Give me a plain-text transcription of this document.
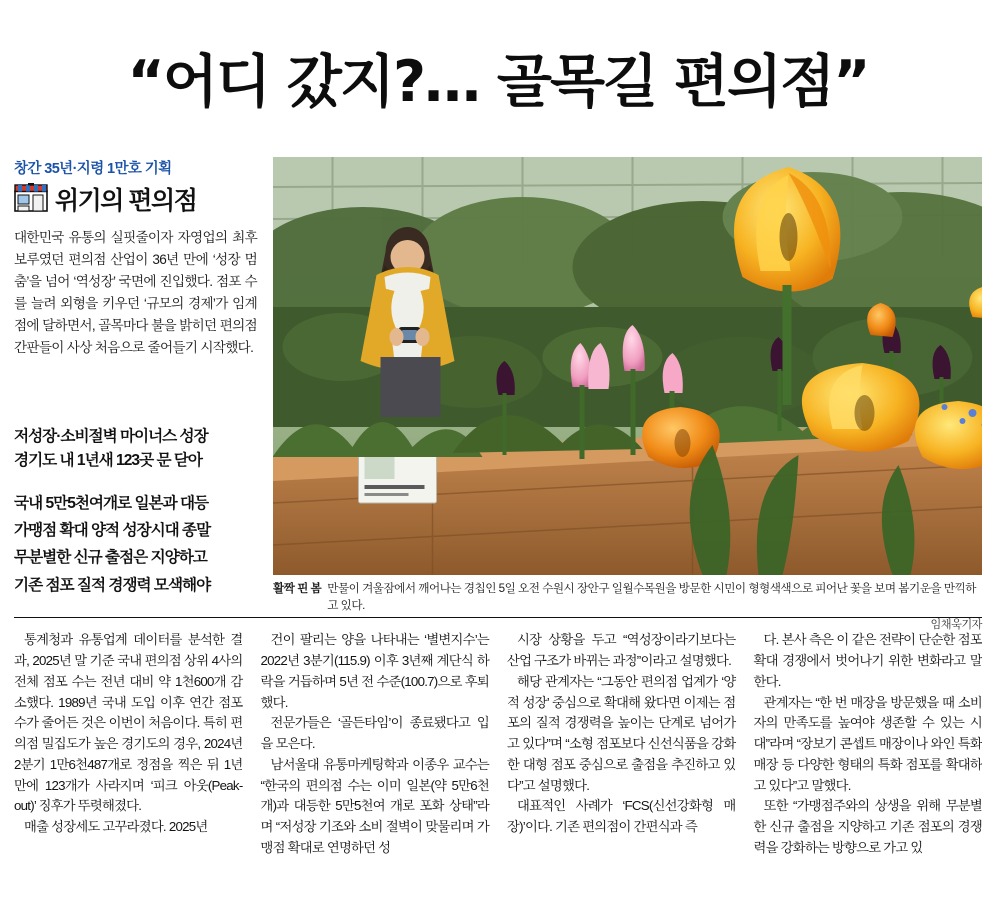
“어디 갔지?… 골목길 편의점”
창간 35년·지령 1만호 기획
위기의 편의점
대한민국 유통의 실핏줄이자 자영업의 최후 보루였던 편의점 산업이 36년 만에 ‘성장 멈춤’을 넘어 ‘역성장’ 국면에 진입했다. 점포 수를 늘려 외형을 키우던 ‘규모의 경제’가 임계점에 달하면서, 골목마다 불을 밝히던 편의점 간판들이 사상 처음으로 줄어들기 시작했다.
저성장·소비절벽 마이너스 성장
경기도 내 1년새 123곳 문 닫아
국내 5만5천여개로 일본과 대등
가맹점 확대 양적 성장시대 종말
무분별한 신규 출점은 지양하고
기존 점포 질적 경쟁력 모색해야	활짝 핀 봄 만물이 겨울잠에서 깨어나는 경칩인 5일 오전 수원시 장안구 일월수목원을 방문한 시민이 형형색색으로 피어난 꽃을 보며 봄기운을 만끽하고 있다.
임채욱기자

통계청과 유통업계 데이터를 분석한 결과, 2025년 말 기준 국내 편의점 상위 4사의 전체 점포 수는 전년 대비 약 1천600개 감소했다. 1989년 국내 도입 이후 연간 점포 수가 줄어든 것은 이번이 처음이다. 특히 편의점 밀집도가 높은 경기도의 경우, 2024년 2분기 1만6천487개로 정점을 찍은 뒤 1년 만에 123개가 사라지며 ‘피크 아웃(Peak-out)’ 징후가 뚜렷해졌다.

매출 성장세도 고꾸라졌다. 2025년

건이 팔리는 양을 나타내는 ‘별변지수’는 2022년 3분기(115.9) 이후 3년째 계단식 하락을 거듭하며 5년 전 수준(100.7)으로 후퇴했다.

전문가들은 ‘골든타임’이 종료됐다고 입을 모은다.

남서울대 유통마케팅학과 이종우 교수는 “한국의 편의점 수는 이미 일본(약 5만6천 개)과 대등한 5만5천여 개로 포화 상태”라며 “저성장 기조와 소비 절벽이 맞물리며 가맹점 확대로 연명하던 성

시장 상황을 두고 “역성장이라기보다는 산업 구조가 바뀌는 과정”이라고 설명했다.

해당 관계자는 “그동안 편의점 업계가 ‘양적 성장’ 중심으로 확대해 왔다면 이제는 점포의 질적 경쟁력을 높이는 단계로 넘어가고 있다”며 “소형 점포보다 신선식품을 강화한 대형 점포 중심으로 출점을 추진하고 있다”고 설명했다.

대표적인 사례가 ‘FCS(신선강화형 매장)’이다. 기존 편의점이 간편식과 즉

다. 본사 측은 이 같은 전략이 단순한 점포 확대 경쟁에서 벗어나기 위한 변화라고 말한다.

관계자는 “한 번 매장을 방문했을 때 소비자의 만족도를 높여야 생존할 수 있는 시대”라며 “장보기 콘셉트 매장이나 와인 특화 매장 등 다양한 형태의 특화 점포를 확대하고 있다”고 말했다.

또한 “가맹점주와의 상생을 위해 무분별한 신규 출점을 지양하고 기존 점포의 경쟁력을 강화하는 방향으로 가고 있
